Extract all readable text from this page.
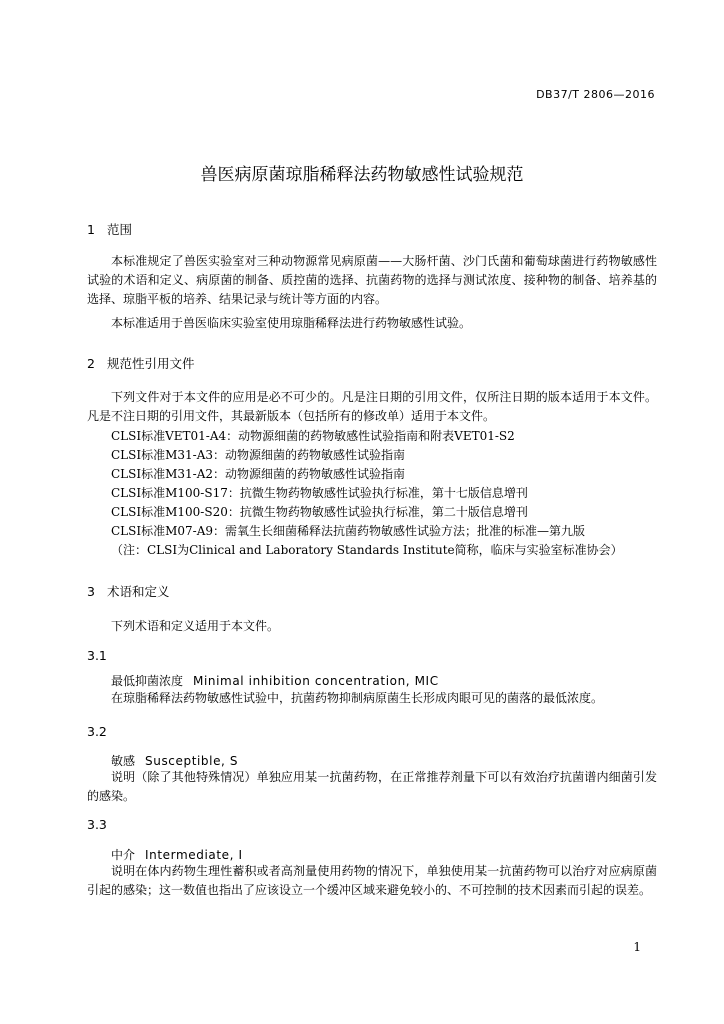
DB37/T 2806—2016
兽医病原菌琼脂稀释法药物敏感性试验规范
1 范围
本标准规定了兽医实验室对三种动物源常见病原菌——大肠杆菌、沙门氏菌和葡萄球菌进行药物敏感性试验的术语和定义、病原菌的制备、质控菌的选择、抗菌药物的选择与测试浓度、接种物的制备、培养基的选择、琼脂平板的培养、结果记录与统计等方面的内容。
本标准适用于兽医临床实验室使用琼脂稀释法进行药物敏感性试验。
2 规范性引用文件
下列文件对于本文件的应用是必不可少的。凡是注日期的引用文件，仅所注日期的版本适用于本文件。凡是不注日期的引用文件，其最新版本（包括所有的修改单）适用于本文件。
CLSI标准VET01-A4：动物源细菌的药物敏感性试验指南和附表VET01-S2
CLSI标准M31-A3：动物源细菌的药物敏感性试验指南
CLSI标准M31-A2：动物源细菌的药物敏感性试验指南
CLSI标准M100-S17：抗微生物药物敏感性试验执行标准，第十七版信息增刊
CLSI标准M100-S20：抗微生物药物敏感性试验执行标准，第二十版信息增刊
CLSI标准M07-A9：需氧生长细菌稀释法抗菌药物敏感性试验方法；批准的标准—第九版
（注：CLSI为Clinical and Laboratory Standards Institute简称，临床与实验室标准协会）
3 术语和定义
下列术语和定义适用于本文件。
3.1
最低抑菌浓度 Minimal inhibition concentration, MIC
在琼脂稀释法药物敏感性试验中，抗菌药物抑制病原菌生长形成肉眼可见的菌落的最低浓度。
3.2
敏感 Susceptible, S
说明（除了其他特殊情况）单独应用某一抗菌药物，在正常推荐剂量下可以有效治疗抗菌谱内细菌引发的感染。
3.3
中介 Intermediate, I
说明在体内药物生理性蓄积或者高剂量使用药物的情况下，单独使用某一抗菌药物可以治疗对应病原菌引起的感染；这一数值也指出了应该设立一个缓冲区域来避免较小的、不可控制的技术因素而引起的误差。
1
